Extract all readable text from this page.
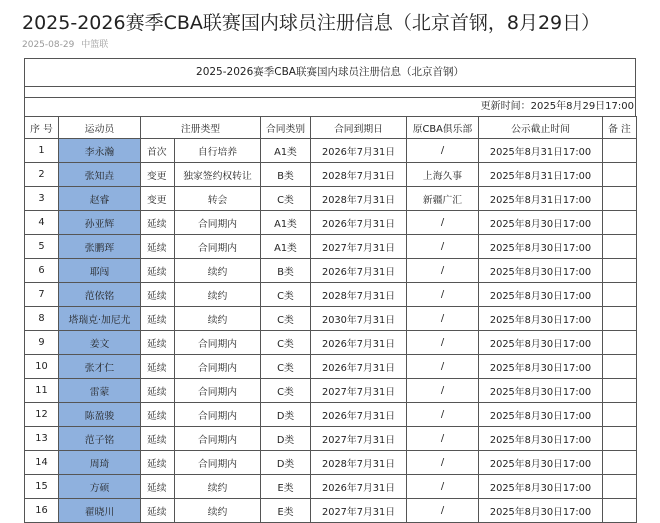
2025-2026赛季CBA联赛国内球员注册信息（北京首钢，8月29日）
2025-08-29 中篮联
2025-2026赛季CBA联赛国内球员注册信息（北京首钢）
更新时间：2025年8月29日17:00
序 号	运动员	注册类型		合同类别	合同到期日	原CBA俱乐部	公示截止时间	备 注
1	李永瀚	首次	自行培养	A1类	2026年7月31日	/	2025年8月31日17:00	
2	张知垚	变更	独家签约权转让	B类	2028年7月31日	上海久事	2025年8月31日17:00	
3	赵睿	变更	转会	C类	2028年7月31日	新疆广汇	2025年8月31日17:00	
4	孙亚辉	延续	合同期内	A1类	2026年7月31日	/	2025年8月30日17:00	
5	张鹏珲	延续	合同期内	A1类	2027年7月31日	/	2025年8月30日17:00	
6	耶闯	延续	续约	B类	2026年7月31日	/	2025年8月30日17:00	
7	范依铭	延续	续约	C类	2028年7月31日	/	2025年8月30日17:00	
8	塔瑞克·加尼尤	延续	续约	C类	2030年7月31日	/	2025年8月30日17:00	
9	姜文	延续	合同期内	C类	2026年7月31日	/	2025年8月30日17:00	
10	张才仁	延续	合同期内	C类	2026年7月31日	/	2025年8月30日17:00	
11	雷蒙	延续	合同期内	C类	2027年7月31日	/	2025年8月30日17:00	
12	陈盈骏	延续	合同期内	D类	2026年7月31日	/	2025年8月30日17:00	
13	范子铭	延续	合同期内	D类	2027年7月31日	/	2025年8月30日17:00	
14	周琦	延续	合同期内	D类	2028年7月31日	/	2025年8月30日17:00	
15	方硕	延续	续约	E类	2026年7月31日	/	2025年8月30日17:00	
16	翟晓川	延续	续约	E类	2027年7月31日	/	2025年8月30日17:00	
